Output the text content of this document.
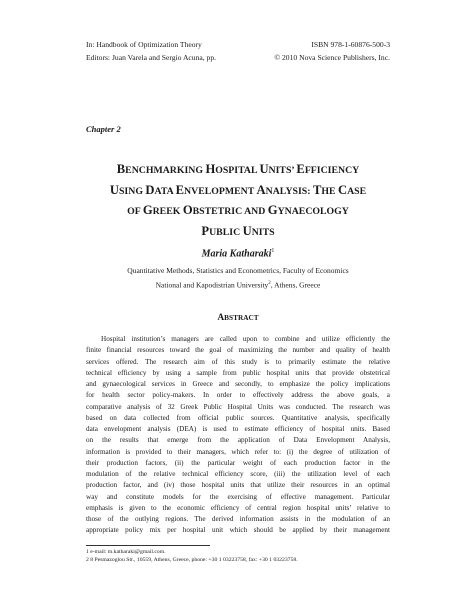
In: Handbook of Optimization Theory	ISBN 978-1-60876-500-3
Editors: Juan Varela and Sergio Acuna, pp.	© 2010 Nova Science Publishers, Inc.
Chapter 2
BENCHMARKING HOSPITAL UNITS’ EFFICIENCY
USING DATA ENVELOPMENT ANALYSIS: THE CASE
OF GREEK OBSTETRIC AND GYNAECOLOGY
PUBLIC UNITS
Maria Katharaki$^1$
Quantitative Methods, Statistics and Econometrics, Faculty of Economics
National and Kapodistrian University$^2$, Athens, Greece
ABSTRACT
Hospital institution’s managers are called upon to combine and utilize efficiently the
finite financial resources toward the goal of maximizing the number and quality of health
services offered. The research aim of this study is to primarily estimate the relative
technical efficiency by using a sample from public hospital units that provide obstetrical
and gynaecological services in Greece and secondly, to emphasize the policy implications
for health sector policy-makers. In order to effectively address the above goals, a
comparative analysis of 32 Greek Public Hospital Units was conducted. The research was
based on data collected from official public sources. Quantitative analysis, specifically
data envelopment analysis (DEA) is used to estimate efficiency of hospital units. Based
on the results that emerge from the application of Data Envelopment Analysis,
information is provided to their managers, which refer to: (i) the degree of utilization of
their production factors, (ii) the particular weight of each production factor in the
modulation of the relative technical efficiency score, (iii) the utilization level of each
production factor, and (iv) those hospital units that utilize their resources in an optimal
way and constitute models for the exercising of effective management. Particular
emphasis is given to the economic efficiency of central region hospital units’ relative to
those of the outlying regions. The derived information assists in the modulation of an
appropriate policy mix per hospital unit which should be applied by their management
1 e-mail: m.katharaki@gmail.com.
2 8 Pesmazoglou Str., 10559, Athens, Greece, phone: +30 1 03223758, fax: +30 1 03223758.
